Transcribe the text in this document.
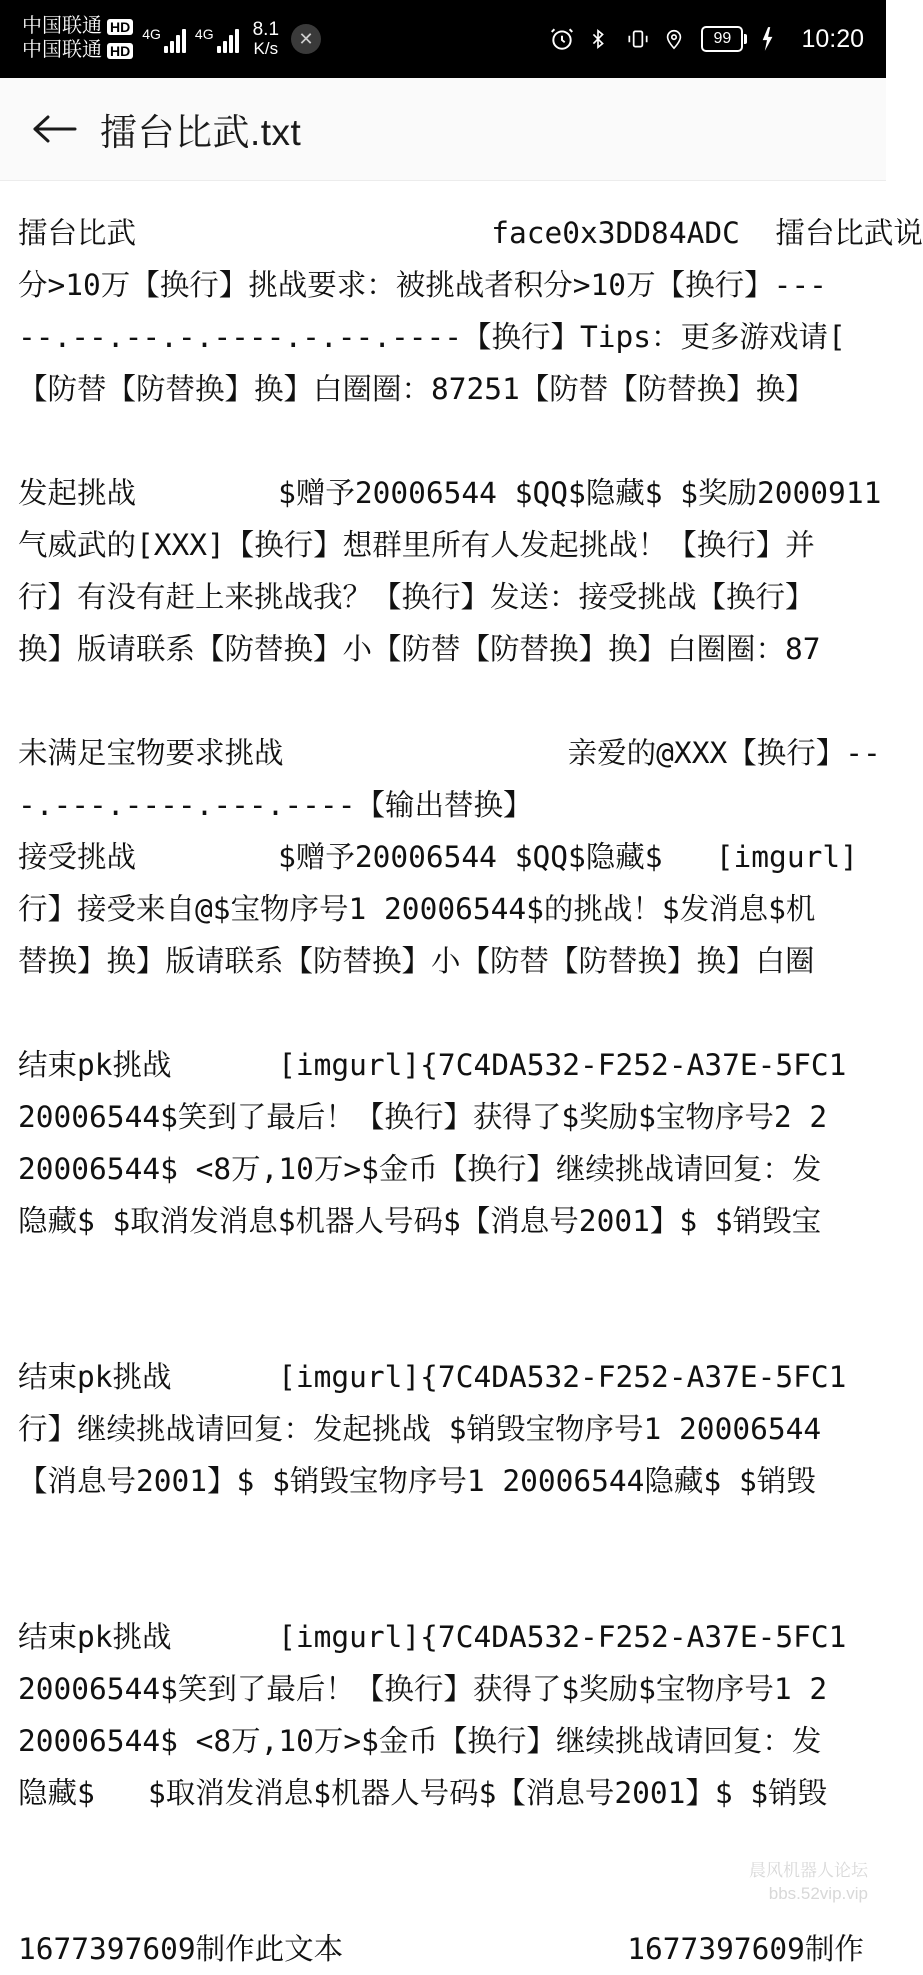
中国联通 HD
中国联通 HD
4G 4G 8.1
K/s
✕	99	10:20
擂台比武.txt
擂台比武                    face0x3DD84ADC  擂台比武说
分>10万【换行】挑战要求：被挑战者积分>10万【换行】---
--.--.--.-.----.-.--.----【换行】Tips：更多游戏请[
【防替【防替换】换】白圈圈：87251【防替【防替换】换】
发起挑战        $赠予20006544 $QQ$隐藏$ $奖励2000911
气威武的[XXX]【换行】想群里所有人发起挑战！【换行】并
行】有没有赶上来挑战我？【换行】发送：接受挑战【换行】
换】版请联系【防替换】小【防替【防替换】换】白圈圈：87
未满足宝物要求挑战                亲爱的@XXX【换行】--
-.---.----.---.----【输出替换】
接受挑战        $赠予20006544 $QQ$隐藏$   [imgurl]
行】接受来自@$宝物序号1 20006544$的挑战！$发消息$机
替换】换】版请联系【防替换】小【防替【防替换】换】白圈
结束pk挑战      [imgurl]{7C4DA532-F252-A37E-5FC1
20006544$笑到了最后！【换行】获得了$奖励$宝物序号2 2
20006544$ <8万,10万>$金币【换行】继续挑战请回复：发
隐藏$ $取消发消息$机器人号码$【消息号2001】$ $销毁宝
结束pk挑战      [imgurl]{7C4DA532-F252-A37E-5FC1
行】继续挑战请回复：发起挑战 $销毁宝物序号1 20006544
【消息号2001】$ $销毁宝物序号1 20006544隐藏$ $销毁
结束pk挑战      [imgurl]{7C4DA532-F252-A37E-5FC1
20006544$笑到了最后！【换行】获得了$奖励$宝物序号1 2
20006544$ <8万,10万>$金币【换行】继续挑战请回复：发
隐藏$   $取消发消息$机器人号码$【消息号2001】$ $销毁
1677397609制作此文本                1677397609制作
晨风机器人论坛
bbs.52vip.vip
